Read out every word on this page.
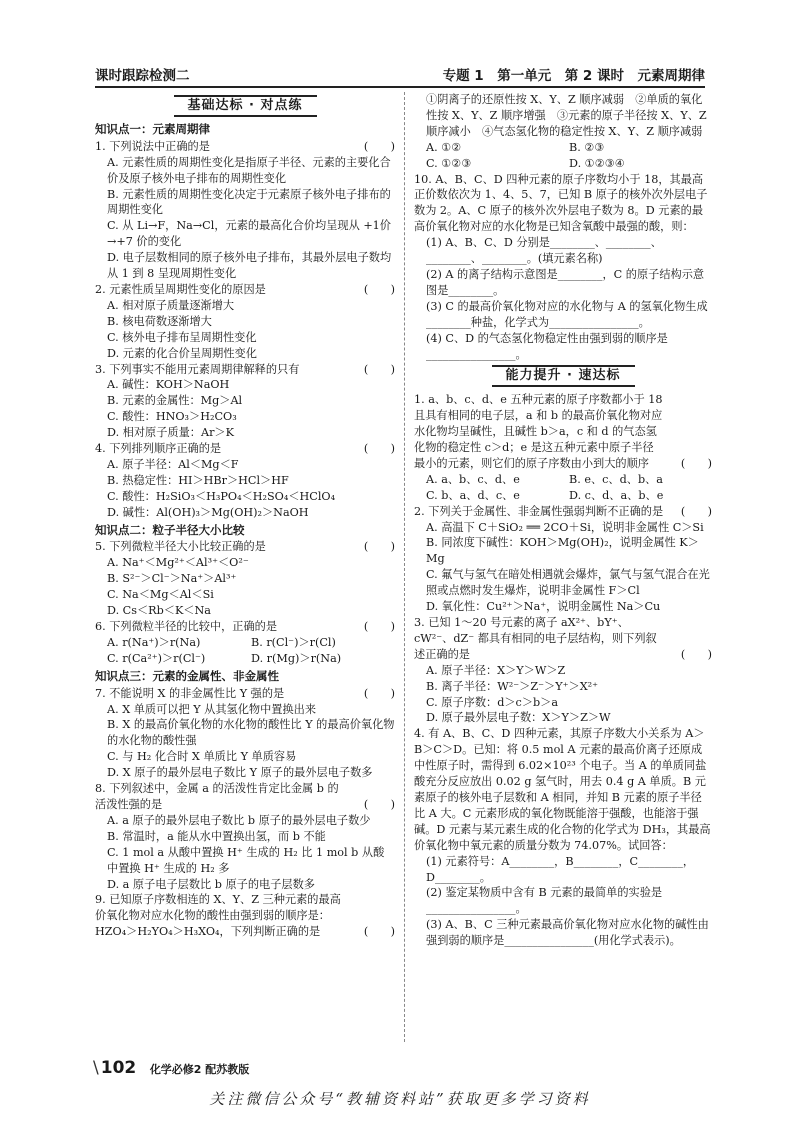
课时跟踪检测二	专题 1　第一单元　第 2 课时　元素周期律
基础达标 · 对点练
知识点一：元素周期律
1. 下列说法中正确的是	(　　)
A. 元素性质的周期性变化是指原子半径、元素的主要化合价及原子核外电子排布的周期性变化
B. 元素性质的周期性变化决定于元素原子核外电子排布的周期性变化
C. 从 Li→F，Na→Cl，元素的最高化合价均呈现从 +1价→+7 价的变化
D. 电子层数相同的原子核外电子排布，其最外层电子数均从 1 到 8 呈现周期性变化
2. 元素性质呈周期性变化的原因是	(　　)
A. 相对原子质量逐渐增大
B. 核电荷数逐渐增大
C. 核外电子排布呈周期性变化
D. 元素的化合价呈周期性变化
3. 下列事实不能用元素周期律解释的只有	(　　)
A. 碱性：KOH＞NaOH
B. 元素的金属性：Mg＞Al
C. 酸性：HNO₃＞H₂CO₃
D. 相对原子质量：Ar＞K
4. 下列排列顺序正确的是	(　　)
A. 原子半径：Al＜Mg＜F
B. 热稳定性：HI＞HBr＞HCl＞HF
C. 酸性：H₂SiO₃＜H₃PO₄＜H₂SO₄＜HClO₄
D. 碱性：Al(OH)₃＞Mg(OH)₂＞NaOH
知识点二：粒子半径大小比较
5. 下列微粒半径大小比较正确的是	(　　)
A. Na⁺＜Mg²⁺＜Al³⁺＜O²⁻
B. S²⁻＞Cl⁻＞Na⁺＞Al³⁺
C. Na＜Mg＜Al＜Si
D. Cs＜Rb＜K＜Na
6. 下列微粒半径的比较中，正确的是	(　　)
A. r(Na⁺)＞r(Na)	B. r(Cl⁻)＞r(Cl)
C. r(Ca²⁺)＞r(Cl⁻)	D. r(Mg)＞r(Na)
知识点三：元素的金属性、非金属性
7. 不能说明 X 的非金属性比 Y 强的是	(　　)
A. X 单质可以把 Y 从其氢化物中置换出来
B. X 的最高价氧化物的水化物的酸性比 Y 的最高价氧化物的水化物的酸性强
C. 与 H₂ 化合时 X 单质比 Y 单质容易
D. X 原子的最外层电子数比 Y 原子的最外层电子数多
8. 下列叙述中，金属 a 的活泼性肯定比金属 b 的活泼性强的是	(　　)
A. a 原子的最外层电子数比 b 原子的最外层电子数少
B. 常温时，a 能从水中置换出氢，而 b 不能
C. 1 mol a 从酸中置换 H⁺ 生成的 H₂ 比 1 mol b 从酸中置换 H⁺ 生成的 H₂ 多
D. a 原子电子层数比 b 原子的电子层数多
9. 已知原子序数相连的 X、Y、Z 三种元素的最高价氧化物对应水化物的酸性由强到弱的顺序是：HZO₄＞H₂YO₄＞H₃XO₄，下列判断正确的是	(　　)
①阴离子的还原性按 X、Y、Z 顺序减弱　②单质的氧化性按 X、Y、Z 顺序增强　③元素的原子半径按 X、Y、Z 顺序减小　④气态氢化物的稳定性按 X、Y、Z 顺序减弱
A. ①②	B. ②③
C. ①②③	D. ①②③④
10. A、B、C、D 四种元素的原子序数均小于 18，其最高正价数依次为 1、4、5、7，已知 B 原子的核外次外层电子数为 2。A、C 原子的核外次外层电子数为 8。D 元素的最高价氧化物对应的水化物是已知含氧酸中最强的酸，则：
(1) A、B、C、D 分别是________、________、________、________。(填元素名称)
(2) A 的离子结构示意图是________，C 的原子结构示意图是________。
(3) C 的最高价氧化物对应的水化物与 A 的氢氧化物生成________种盐，化学式为________________。
(4) C、D 的气态氢化物稳定性由强到弱的顺序是________________。
能力提升 · 速达标
1. a、b、c、d、e 五种元素的原子序数都小于 18 且具有相同的电子层，a 和 b 的最高价氧化物对应水化物均呈碱性，且碱性 b＞a，c 和 d 的气态氢化物的稳定性 c＞d；e 是这五种元素中原子半径最小的元素，则它们的原子序数由小到大的顺序	(　　)
A. a、b、c、d、e	B. e、c、d、b、a
C. b、a、d、c、e	D. c、d、a、b、e
2. 下列关于金属性、非金属性强弱判断不正确的是	(　　)
A. 高温下 C＋SiO₂ ══ 2CO＋Si，说明非金属性 C＞Si
B. 同浓度下碱性：KOH＞Mg(OH)₂，说明金属性 K＞Mg
C. 氟气与氢气在暗处相遇就会爆炸，氯气与氢气混合在光照或点燃时发生爆炸，说明非金属性 F＞Cl
D. 氧化性：Cu²⁺＞Na⁺，说明金属性 Na＞Cu
3. 已知 1～20 号元素的离子 aX²⁺、bY⁺、cW²⁻、dZ⁻ 都具有相同的电子层结构，则下列叙述正确的是	(　　)
A. 原子半径：X＞Y＞W＞Z
B. 离子半径：W²⁻＞Z⁻＞Y⁺＞X²⁺
C. 原子序数：d＞c＞b＞a
D. 原子最外层电子数：X＞Y＞Z＞W
4. 有 A、B、C、D 四种元素，其原子序数大小关系为 A＞B＞C＞D。已知：将 0.5 mol A 元素的最高价离子还原成中性原子时，需得到 6.02×10²³ 个电子。当 A 的单质同盐酸充分反应放出 0.02 g 氢气时，用去 0.4 g A 单质。B 元素原子的核外电子层数和 A 相同，并知 B 元素的原子半径比 A 大。C 元素形成的氧化物既能溶于强酸，也能溶于强碱。D 元素与某元素生成的化合物的化学式为 DH₃，其最高价氧化物中氧元素的质量分数为 74.07%。试回答：
(1) 元素符号：A________，B________，C________，D________。
(2) 鉴定某物质中含有 B 元素的最简单的实验是________________。
(3) A、B、C 三种元素最高价氧化物对应水化物的碱性由强到弱的顺序是________________(用化学式表示)。
\ 102 化学必修2 配苏教版
关注微信公众号“教辅资料站”获取更多学习资料
